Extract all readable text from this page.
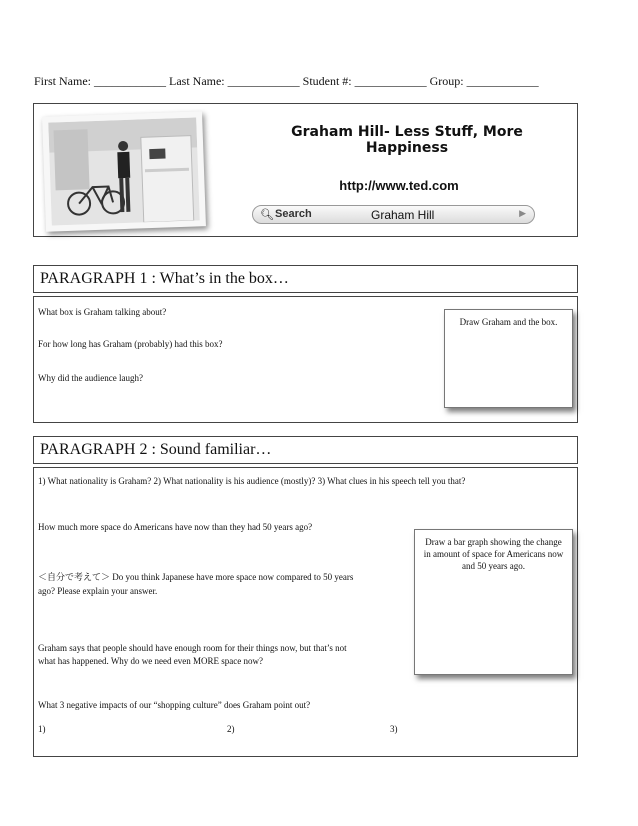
First Name: ____________ Last Name: ____________ Student #: ____________ Group: ____________
Graham Hill- Less Stuff, More Happiness
http://www.ted.com
🔍︎ Search	Graham Hill	▶
PARAGRAPH 1 : What’s in the box…
What box is Graham talking about?
For how long has Graham (probably) had this box?
Why did the audience laugh?
Draw Graham and the box.
PARAGRAPH 2 : Sound familiar…
1) What nationality is Graham? 2) What nationality is his audience (mostly)? 3) What clues in his speech tell you that?
How much more space do Americans have now than they had 50 years ago?
＜自分で考えて＞ Do you think Japanese have more space now compared to 50 years
ago? Please explain your answer.
Graham says that people should have enough room for their things now, but that’s not
what has happened. Why do we need even MORE space now?
What 3 negative impacts of our “shopping culture” does Graham point out?
1)	2)	3)
Draw a bar graph showing the change in amount of space for Americans now and 50 years ago.
